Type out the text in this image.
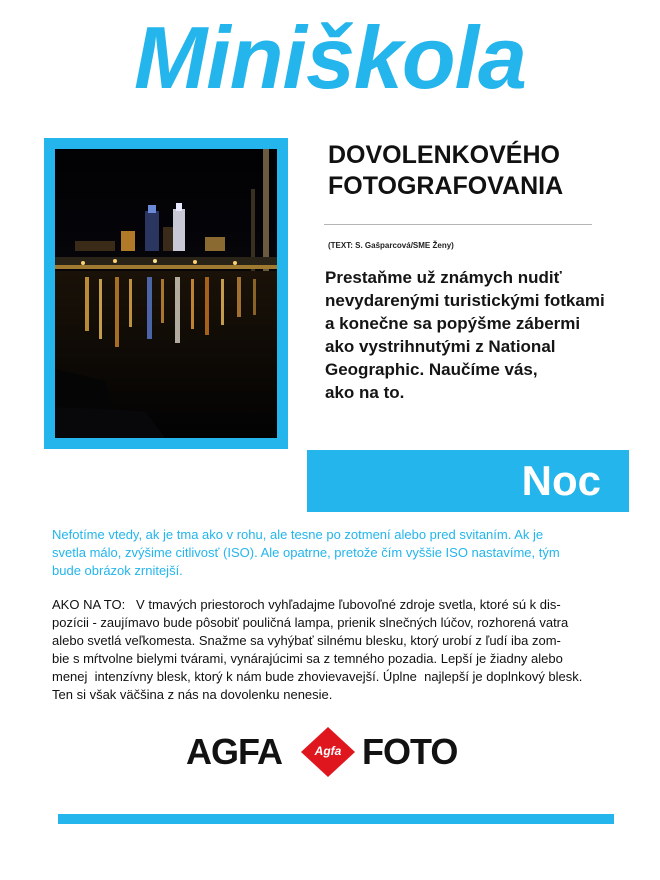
Miniškola
DOVOLENKOVÉHO
FOTOGRAFOVANIA
(TEXT: S. Gašparcová/SME Ženy)
Prestaňme už známych nudiť
nevydarenými turistickými fotkami
a konečne sa popýšme zábermi
ako vystrihnutými z National
Geographic. Naučíme vás,
ako na to.
Noc
Nefotíme vtedy, ak je tma ako v rohu, ale tesne po zotmení alebo pred svitaním. Ak je
svetla málo, zvýšime citlivosť (ISO). Ale opatrne, pretože čím vyššie ISO nastavíme, tým
bude obrázok zrnitejší.
AKO NA TO:   V tmavých priestoroch vyhľadajme ľubovoľné zdroje svetla, ktoré sú k dis-
pozícii - zaujímavo bude pôsobiť pouličná lampa, prienik slnečných lúčov, rozhorená vatra
alebo svetlá veľkomesta. Snažme sa vyhýbať silnému blesku, ktorý urobí z ľudí iba zom-
bie s mŕtvolne bielymi tvárami, vynárajúcimi sa z temného pozadia. Lepší je žiadny alebo
menej  intenzívny blesk, ktorý k nám bude zhovievavejší. Úplne  najlepší je doplnkový blesk.
Ten si však väčšina z nás na dovolenku nenesie.
AGFA	Agfa FOTO
